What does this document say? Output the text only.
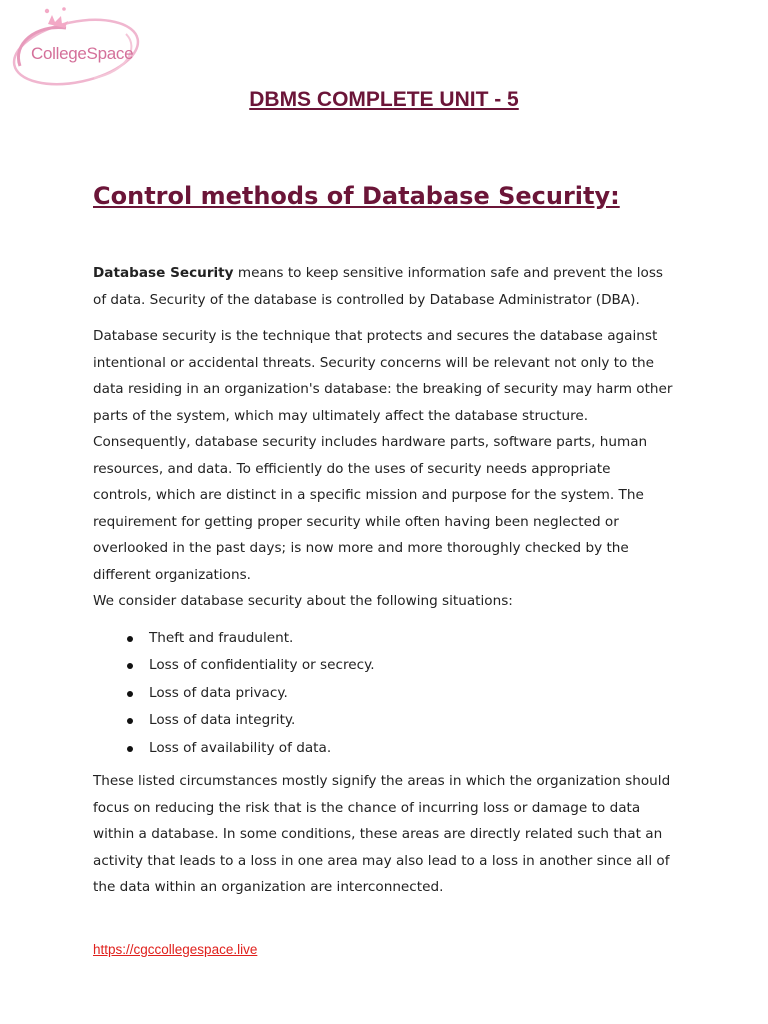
CollegeSpace
DBMS COMPLETE UNIT - 5
Control methods of Database Security:

Database Security means to keep sensitive information safe and prevent the loss of data. Security of the database is controlled by Database Administrator (DBA).

Database security is the technique that protects and secures the database against intentional or accidental threats. Security concerns will be relevant not only to the data residing in an organization's database: the breaking of security may harm other parts of the system, which may ultimately affect the database structure. Consequently, database security includes hardware parts, software parts, human resources, and data. To efficiently do the uses of security needs appropriate controls, which are distinct in a specific mission and purpose for the system. The requirement for getting proper security while often having been neglected or overlooked in the past days; is now more and more thoroughly checked by the different organizations.

We consider database security about the following situations:

Theft and fraudulent.
Loss of confidentiality or secrecy.
Loss of data privacy.
Loss of data integrity.
Loss of availability of data.

These listed circumstances mostly signify the areas in which the organization should focus on reducing the risk that is the chance of incurring loss or damage to data within a database. In some conditions, these areas are directly related such that an activity that leads to a loss in one area may also lead to a loss in another since all of the data within an organization are interconnected.

https://cgccollegespace.live
